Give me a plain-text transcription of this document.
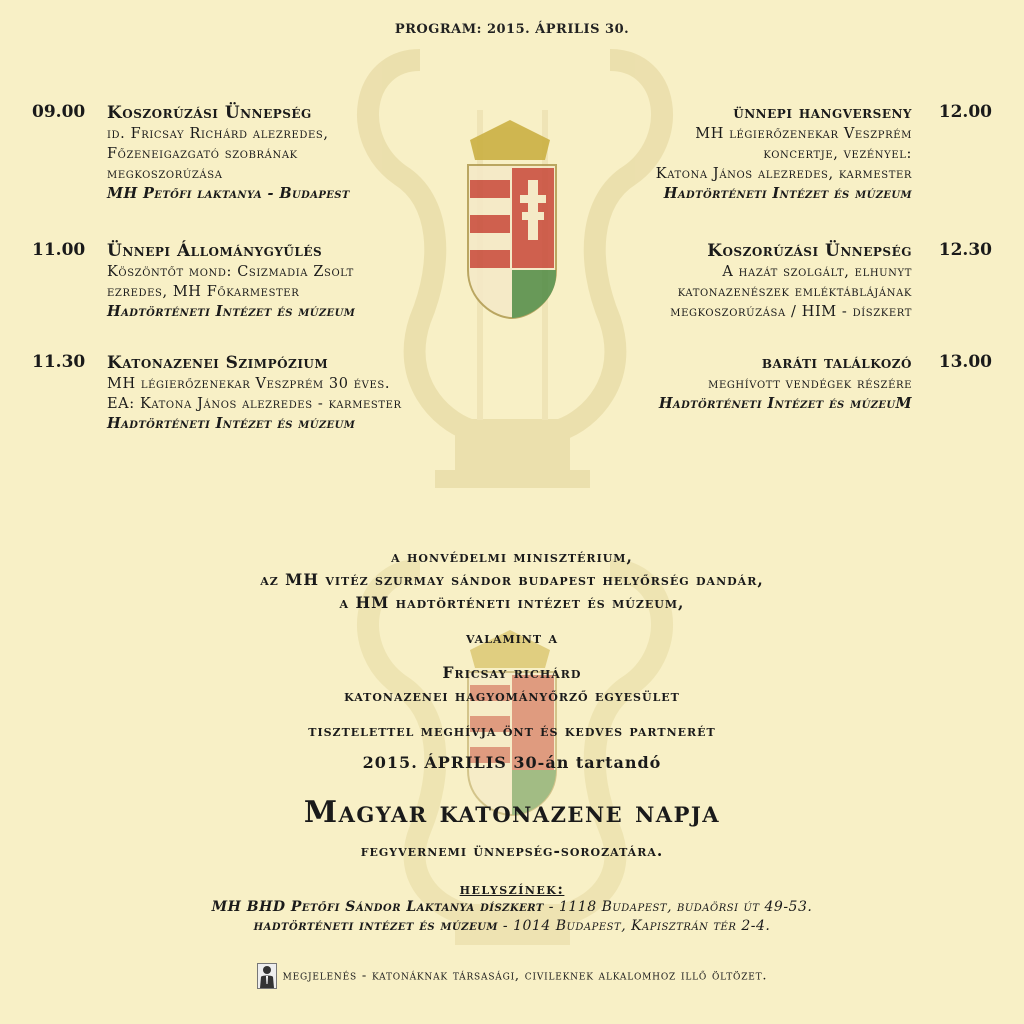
PROGRAM: 2015. ÁPRILIS 30.
09.00 Koszorúzási Ünnepség
id. Fricsay Richárd alezredes,
Főzeneigazgató szobrának
megkoszorúzása
MH Petőfi laktanya - Budapest
11.00 Ünnepi Állománygyűlés
Köszöntőt mond: Csizmadia Zsolt
ezredes, MH Főkarmester
Hadtörténeti Intézet és múzeum
11.30 Katonazenei Szimpózium
MH légierőzenekar Veszprém 30 éves.
EA: Katona János alezredes - karmester
Hadtörténeti Intézet és múzeum
12.00
ünnepi hangverseny
MH légierőzenekar Veszprém
koncertje, vezényel:
Katona János alezredes, karmester
Hadtörténeti Intézet és múzeum
12.30
Koszorúzási Ünnepség
A hazát szolgált, elhunyt
katonazenészek emléktáblájának
megkoszorúzása / HIM - díszkert
13.00
baráti találkozó
meghívott vendégek részére
Hadtörténeti Intézet és múzeuM
a honvédelmi minisztérium,
az MH vitéz szurmay sándor budapest helyőrség dandár,
a HM hadtörténeti intézet és múzeum,
valamint a
Fricsay richárd
katonazenei hagyományőrző egyesület
tisztelettel meghívja önt és kedves partnerét
2015. ÁPRILIS 30-án tartandó
Magyar katonazene napja
fegyvernemi ünnepség-sorozatára.
helyszínek:
MH BHD Petőfi Sándor Laktanya díszkert - 1118 Budapest, budaörsi út 49-53.
hadtörténeti intézet és múzeum - 1014 Budapest, Kapisztrán tér 2-4.
megjelenés - katonáknak társasági, civileknek alkalomhoz illő öltözet.
